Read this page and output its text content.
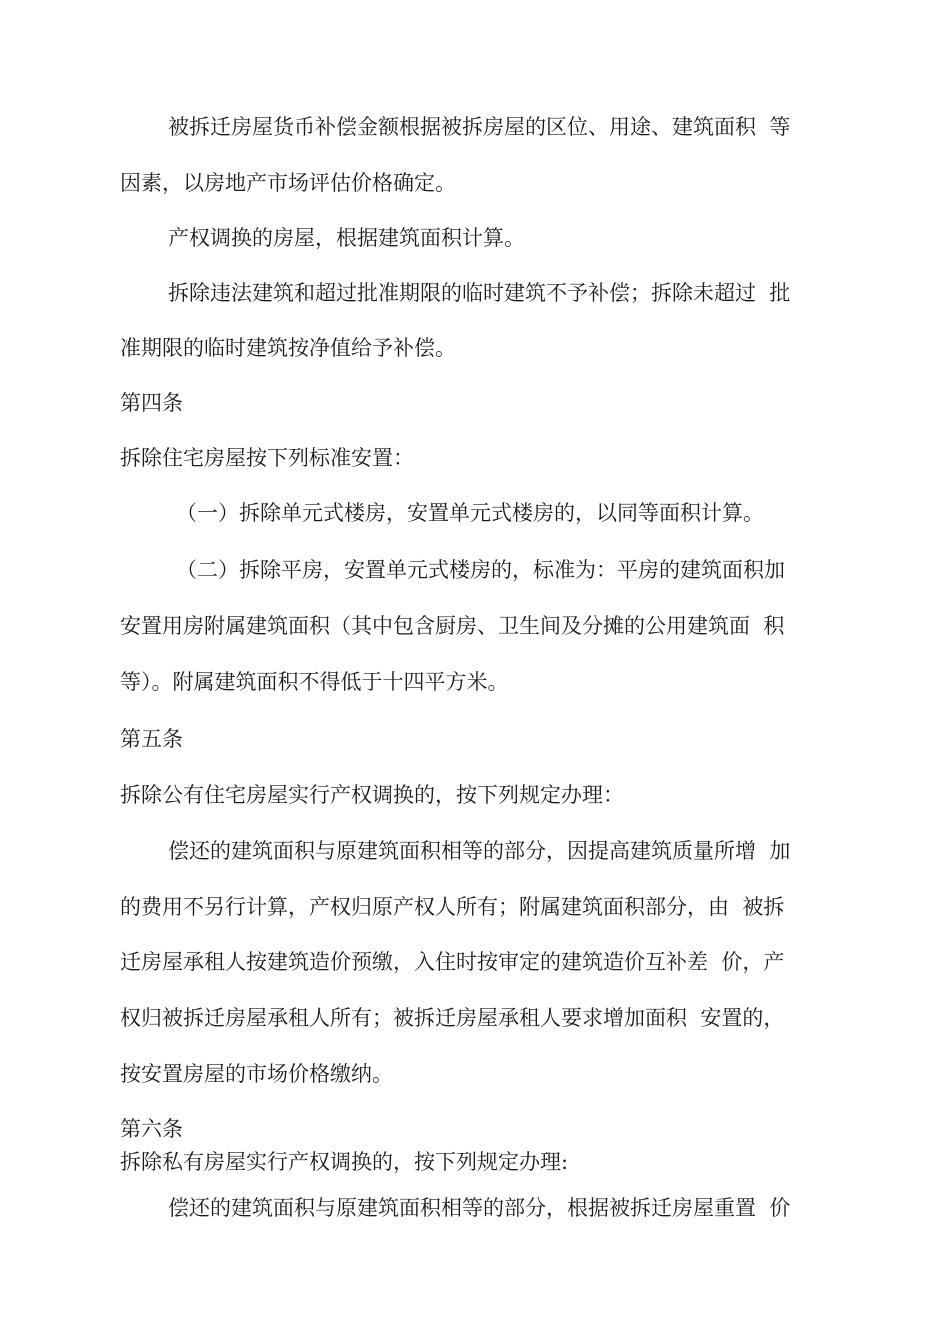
被拆迁房屋货币补偿金额根据被拆房屋的区位、用途、建筑面积  等
因素，以房地产市场评估价格确定。
产权调换的房屋，根据建筑面积计算。
拆除违法建筑和超过批准期限的临时建筑不予补偿；拆除未超过  批
准期限的临时建筑按净值给予补偿。
第四条
拆除住宅房屋按下列标准安置：
（一）拆除单元式楼房，安置单元式楼房的，以同等面积计算。
（二）拆除平房，安置单元式楼房的，标准为：平房的建筑面积加
安置用房附属建筑面积（其中包含厨房、卫生间及分摊的公用建筑面  积
等）。附属建筑面积不得低于十四平方米。
第五条
拆除公有住宅房屋实行产权调换的，按下列规定办理：
偿还的建筑面积与原建筑面积相等的部分，因提高建筑质量所增  加
的费用不另行计算，产权归原产权人所有；附属建筑面积部分，由  被拆
迁房屋承租人按建筑造价预缴，入住时按审定的建筑造价互补差  价，产
权归被拆迁房屋承租人所有；被拆迁房屋承租人要求增加面积  安置的，
按安置房屋的市场价格缴纳。
第六条
拆除私有房屋实行产权调换的，按下列规定办理:
偿还的建筑面积与原建筑面积相等的部分，根据被拆迁房屋重置  价
